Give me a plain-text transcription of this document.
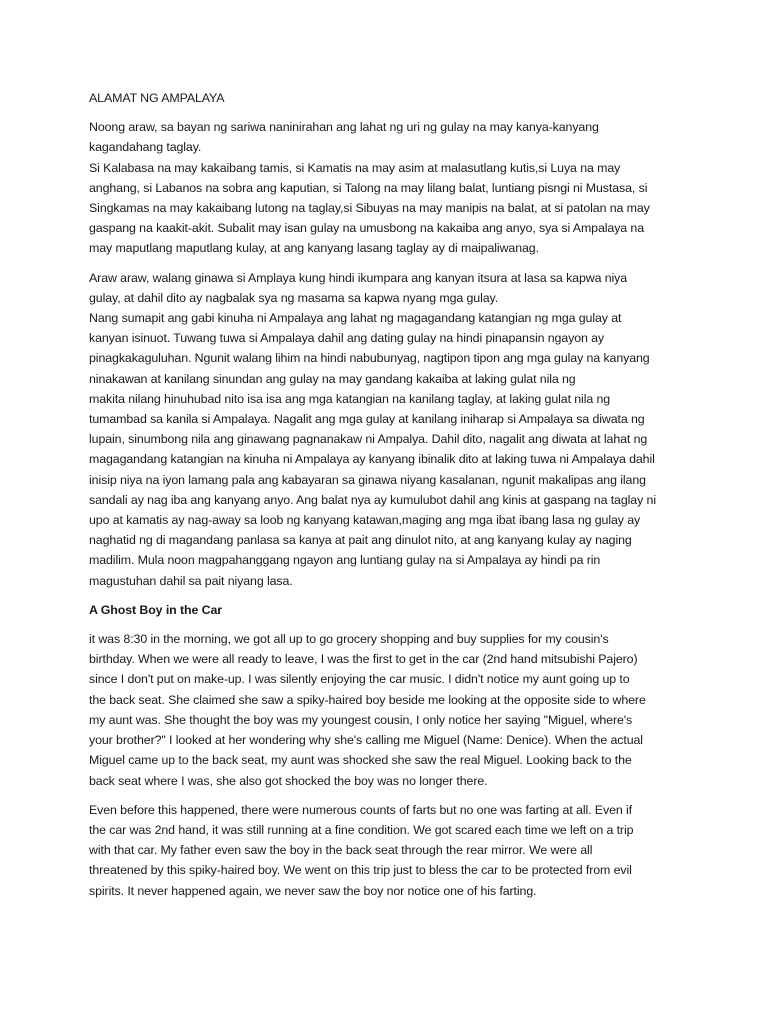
ALAMAT NG AMPALAYA
Noong araw, sa bayan ng sariwa naninirahan ang lahat ng uri ng gulay na may kanya-kanyang
kagandahang taglay.
Si Kalabasa na may kakaibang tamis, si Kamatis na may asim at malasutlang kutis,si Luya na may
anghang, si Labanos na sobra ang kaputian, si Talong na may lilang balat, luntiang pisngi ni Mustasa, si
Singkamas na may kakaibang lutong na taglay,si Sibuyas na may manipis na balat, at si patolan na may
gaspang na kaakit-akit. Subalit may isan gulay na umusbong na kakaiba ang anyo, sya si Ampalaya na
may maputlang maputlang kulay, at ang kanyang lasang taglay ay di maipaliwanag.
Araw araw, walang ginawa si Amplaya kung hindi ikumpara ang kanyan itsura at lasa sa kapwa niya
gulay, at dahil dito ay nagbalak sya ng masama sa kapwa nyang mga gulay.
Nang sumapit ang gabi kinuha ni Ampalaya ang lahat ng magagandang katangian ng mga gulay at
kanyan isinuot. Tuwang tuwa si Ampalaya dahil ang dating gulay na hindi pinapansin ngayon ay
pinagkakaguluhan. Ngunit walang lihim na hindi nabubunyag, nagtipon tipon ang mga gulay na kanyang
ninakawan at kanilang sinundan ang gulay na may gandang kakaiba at laking gulat nila ng
makita nilang hinuhubad nito isa isa ang mga katangian na kanilang taglay, at laking gulat nila ng
tumambad sa kanila si Ampalaya. Nagalit ang mga gulay at kanilang iniharap si Ampalaya sa diwata ng
lupain, sinumbong nila ang ginawang pagnanakaw ni Ampalya. Dahil dito, nagalit ang diwata at lahat ng
magagandang katangian na kinuha ni Ampalaya ay kanyang ibinalik dito at laking tuwa ni Ampalaya dahil
inisip niya na iyon lamang pala ang kabayaran sa ginawa niyang kasalanan, ngunit makalipas ang ilang
sandali ay nag iba ang kanyang anyo. Ang balat nya ay kumulubot dahil ang kinis at gaspang na taglay ni
upo at kamatis ay nag-away sa loob ng kanyang katawan,maging ang mga ibat ibang lasa ng gulay ay
naghatid ng di magandang panlasa sa kanya at pait ang dinulot nito, at ang kanyang kulay ay naging
madilim. Mula noon magpahanggang ngayon ang luntiang gulay na si Ampalaya ay hindi pa rin
magustuhan dahil sa pait niyang lasa.
A Ghost Boy in the Car
it was 8:30 in the morning, we got all up to go grocery shopping and buy supplies for my cousin's
birthday. When we were all ready to leave, I was the first to get in the car (2nd hand mitsubishi Pajero)
since I don't put on make-up. I was silently enjoying the car music. I didn't notice my aunt going up to
the back seat. She claimed she saw a spiky-haired boy beside me looking at the opposite side to where
my aunt was. She thought the boy was my youngest cousin, I only notice her saying "Miguel, where's
your brother?" I looked at her wondering why she's calling me Miguel (Name: Denice). When the actual
Miguel came up to the back seat, my aunt was shocked she saw the real Miguel. Looking back to the
back seat where I was, she also got shocked the boy was no longer there.
Even before this happened, there were numerous counts of farts but no one was farting at all. Even if
the car was 2nd hand, it was still running at a fine condition. We got scared each time we left on a trip
with that car. My father even saw the boy in the back seat through the rear mirror. We were all
threatened by this spiky-haired boy. We went on this trip just to bless the car to be protected from evil
spirits. It never happened again, we never saw the boy nor notice one of his farting.
